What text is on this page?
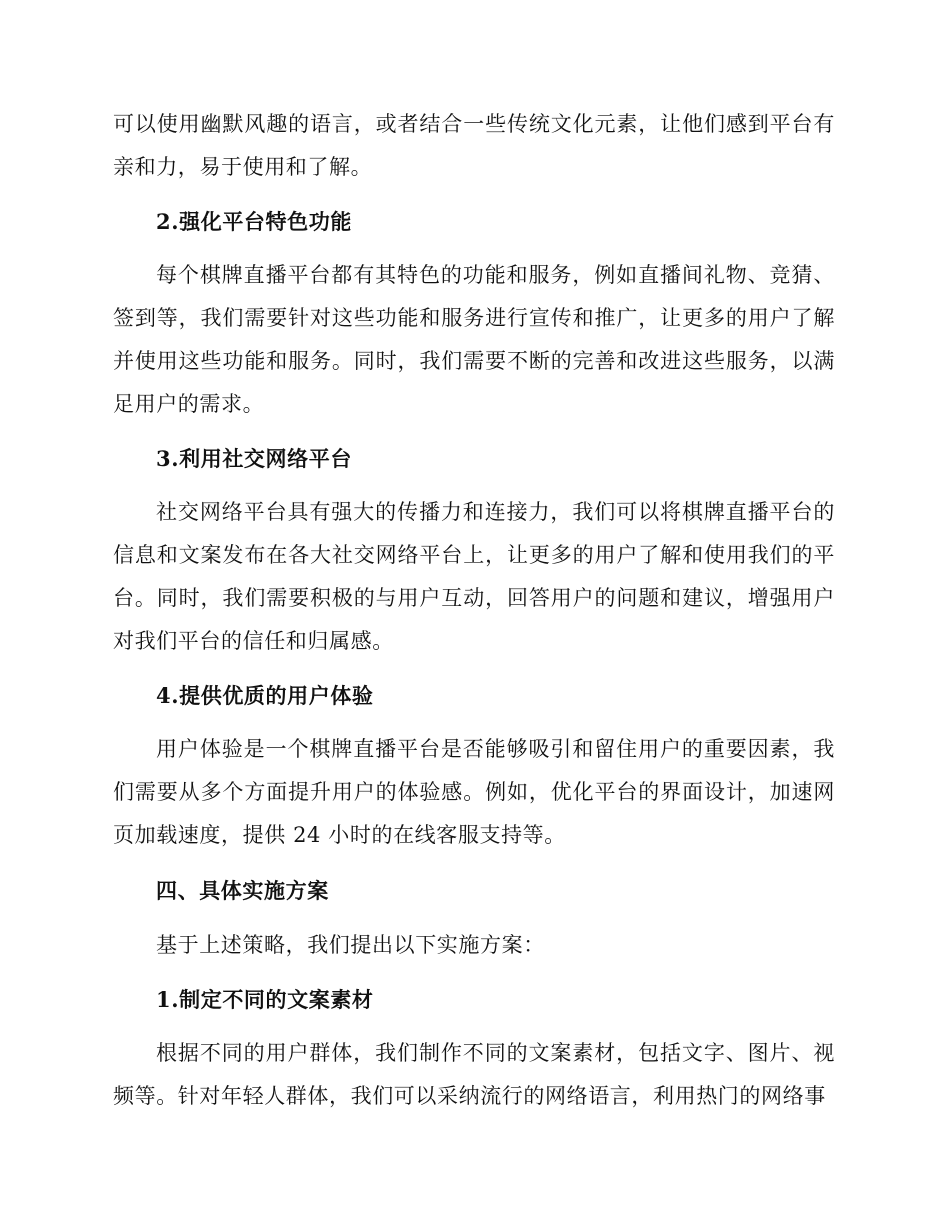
可以使用幽默风趣的语言，或者结合一些传统文化元素，让他们感到平台有亲和力，易于使用和了解。

2.强化平台特色功能

每个棋牌直播平台都有其特色的功能和服务，例如直播间礼物、竞猜、签到等，我们需要针对这些功能和服务进行宣传和推广，让更多的用户了解并使用这些功能和服务。同时，我们需要不断的完善和改进这些服务，以满足用户的需求。

3.利用社交网络平台

社交网络平台具有强大的传播力和连接力，我们可以将棋牌直播平台的信息和文案发布在各大社交网络平台上，让更多的用户了解和使用我们的平台。同时，我们需要积极的与用户互动，回答用户的问题和建议，增强用户对我们平台的信任和归属感。

4.提供优质的用户体验

用户体验是一个棋牌直播平台是否能够吸引和留住用户的重要因素，我们需要从多个方面提升用户的体验感。例如，优化平台的界面设计，加速网页加载速度，提供 24 小时的在线客服支持等。

四、具体实施方案

基于上述策略，我们提出以下实施方案：

1.制定不同的文案素材

根据不同的用户群体，我们制作不同的文案素材，包括文字、图片、视频等。针对年轻人群体，我们可以采纳流行的网络语言，利用热门的网络事
